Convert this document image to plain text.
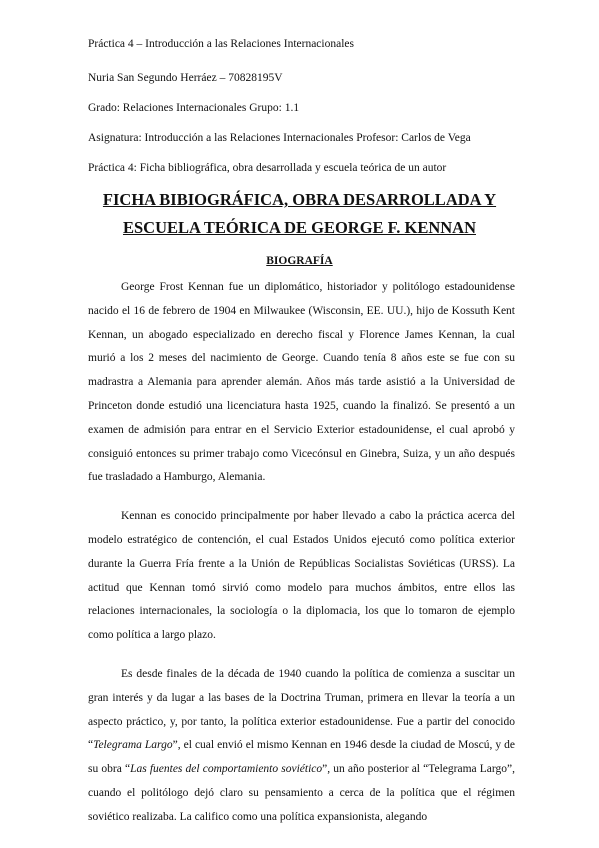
Práctica 4 – Introducción a las Relaciones Internacionales
Nuria San Segundo Herráez – 70828195V
Grado: Relaciones Internacionales Grupo: 1.1
Asignatura: Introducción a las Relaciones Internacionales Profesor: Carlos de Vega
Práctica 4: Ficha bibliográfica, obra desarrollada y escuela teórica de un autor
FICHA BIBIOGRÁFICA, OBRA DESARROLLADA Y
ESCUELA TEÓRICA DE GEORGE F. KENNAN
BIOGRAFÍA

George Frost Kennan fue un diplomático, historiador y politólogo estadounidense nacido el 16 de febrero de 1904 en Milwaukee (Wisconsin, EE. UU.), hijo de Kossuth Kent Kennan, un abogado especializado en derecho fiscal y Florence James Kennan, la cual murió a los 2 meses del nacimiento de George. Cuando tenía 8 años este se fue con su madrastra a Alemania para aprender alemán. Años más tarde asistió a la Universidad de Princeton donde estudió una licenciatura hasta 1925, cuando la finalizó. Se presentó a un examen de admisión para entrar en el Servicio Exterior estadounidense, el cual aprobó y consiguió entonces su primer trabajo como Vicecónsul en Ginebra, Suiza, y un año después fue trasladado a Hamburgo, Alemania.

Kennan es conocido principalmente por haber llevado a cabo la práctica acerca del modelo estratégico de contención, el cual Estados Unidos ejecutó como política exterior durante la Guerra Fría frente a la Unión de Repúblicas Socialistas Soviéticas (URSS). La actitud que Kennan tomó sirvió como modelo para muchos ámbitos, entre ellos las relaciones internacionales, la sociología o la diplomacia, los que lo tomaron de ejemplo como política a largo plazo.

Es desde finales de la década de 1940 cuando la política de comienza a suscitar un gran interés y da lugar a las bases de la Doctrina Truman, primera en llevar la teoría a un aspecto práctico, y, por tanto, la política exterior estadounidense. Fue a partir del conocido “Telegrama Largo”, el cual envió el mismo Kennan en 1946 desde la ciudad de Moscú, y de su obra “Las fuentes del comportamiento soviético”, un año posterior al “Telegrama Largo”, cuando el politólogo dejó claro su pensamiento a cerca de la política que el régimen soviético realizaba. La califico como una política expansionista, alegando
